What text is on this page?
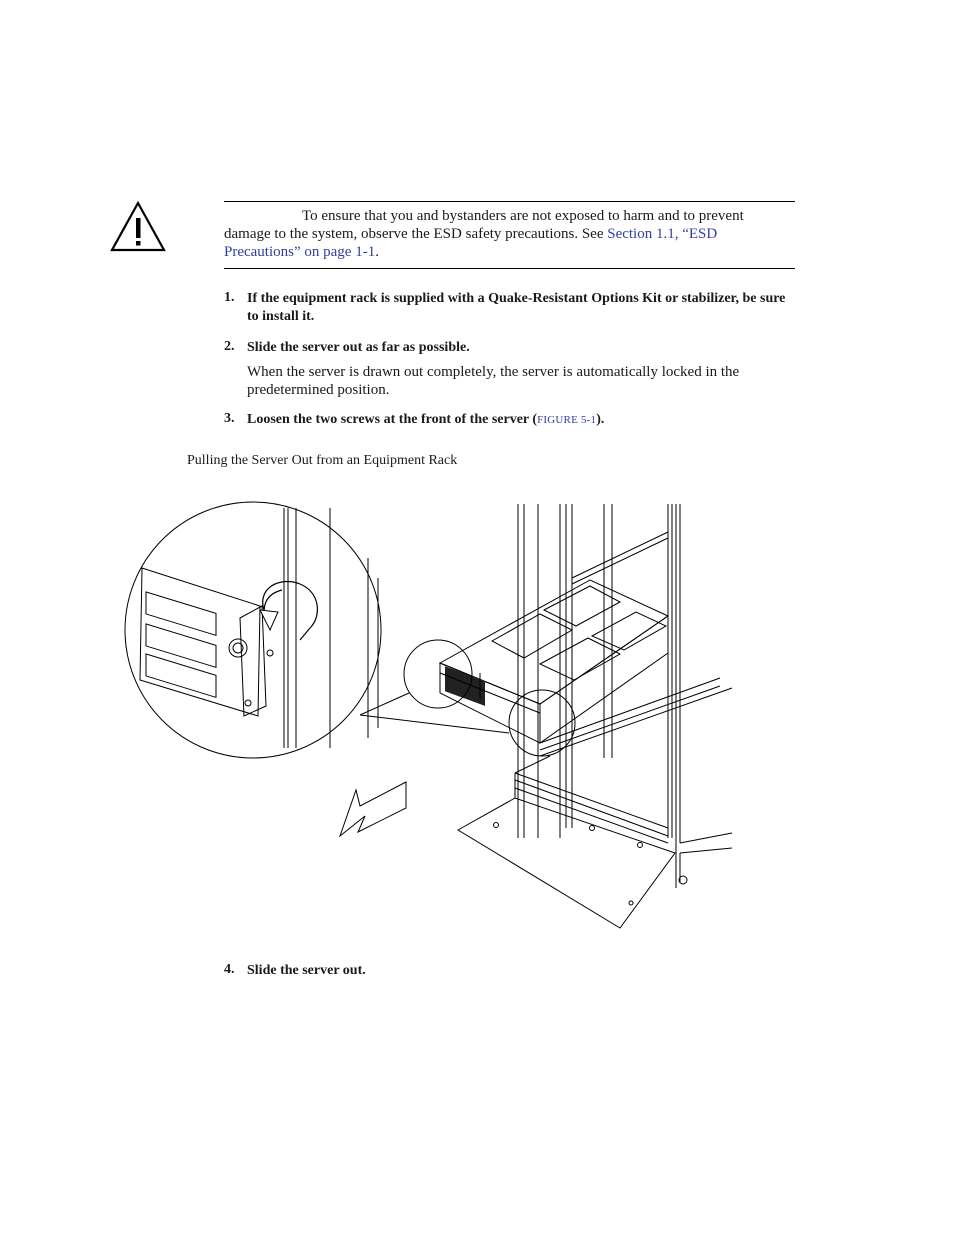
To ensure that you and bystanders are not exposed to harm and to prevent damage to the system, observe the ESD safety precautions. See Section 1.1, “ESD Precautions” on page 1-1.
1. If the equipment rack is supplied with a Quake-Resistant Options Kit or stabilizer, be sure to install it.
2. Slide the server out as far as possible.
When the server is drawn out completely, the server is automatically locked in the predetermined position.
3. Loosen the two screws at the front of the server (FIGURE 5-1).
Pulling the Server Out from an Equipment Rack
4. Slide the server out.
